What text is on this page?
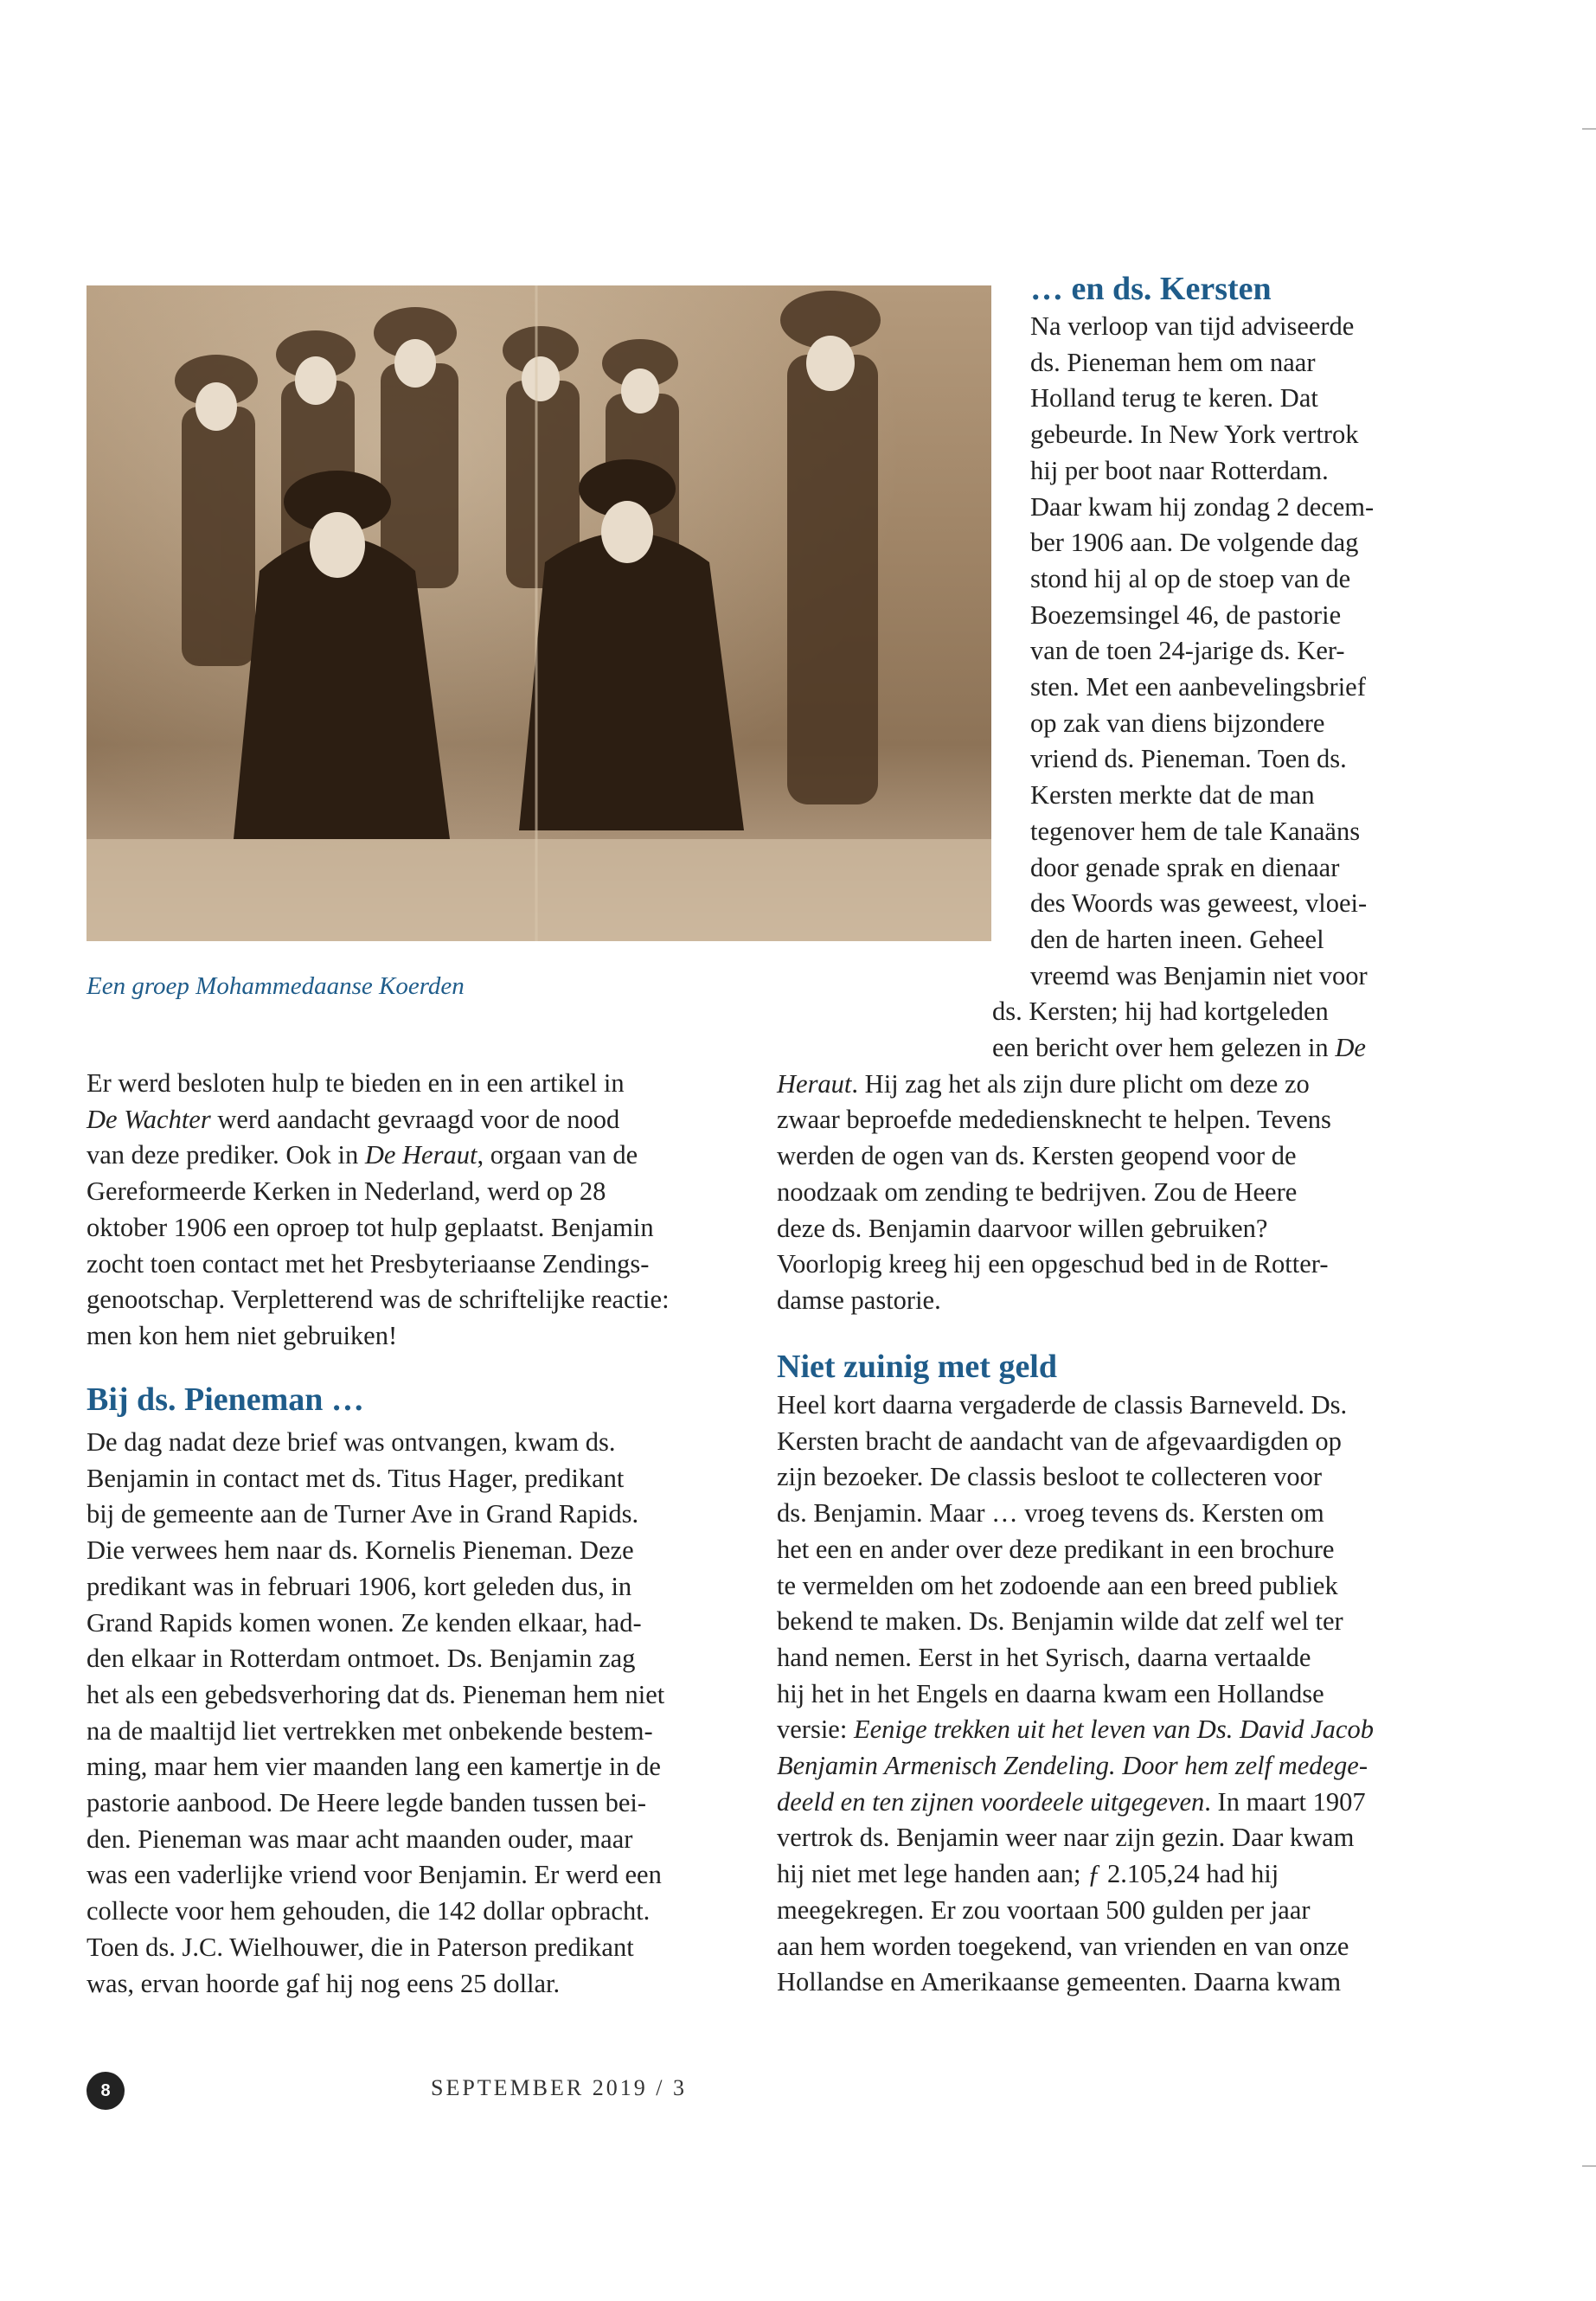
Een groep Mohammedaanse Koerden
Er werd besloten hulp te bieden en in een artikel in
De Wachter werd aandacht gevraagd voor de nood
van deze prediker. Ook in De Heraut, orgaan van de
Gereformeerde Kerken in Nederland, werd op 28
oktober 1906 een oproep tot hulp geplaatst. Benjamin
zocht toen contact met het Presbyteriaanse Zendings-
genootschap. Verpletterend was de schriftelijke reactie:
men kon hem niet gebruiken!
Bij ds. Pieneman …
De dag nadat deze brief was ontvangen, kwam ds.
Benjamin in contact met ds. Titus Hager, predikant
bij de gemeente aan de Turner Ave in Grand Rapids.
Die verwees hem naar ds. Kornelis Pieneman. Deze
predikant was in februari 1906, kort geleden dus, in
Grand Rapids komen wonen. Ze kenden elkaar, had-
den elkaar in Rotterdam ontmoet. Ds. Benjamin zag
het als een gebedsverhoring dat ds. Pieneman hem niet
na de maaltijd liet vertrekken met onbekende bestem-
ming, maar hem vier maanden lang een kamertje in de
pastorie aanbood. De Heere legde banden tussen bei-
den. Pieneman was maar acht maanden ouder, maar
was een vaderlijke vriend voor Benjamin. Er werd een
collecte voor hem gehouden, die 142 dollar opbracht.
Toen ds. J.C. Wielhouwer, die in Paterson predikant
was, ervan hoorde gaf hij nog eens 25 dollar.
… en ds. Kersten
Na verloop van tijd adviseerde
ds. Pieneman hem om naar
Holland terug te keren. Dat
gebeurde. In New York vertrok
hij per boot naar Rotterdam.
Daar kwam hij zondag 2 decem-
ber 1906 aan. De volgende dag
stond hij al op de stoep van de
Boezemsingel 46, de pastorie
van de toen 24-jarige ds. Ker-
sten. Met een aanbevelingsbrief
op zak van diens bijzondere
vriend ds. Pieneman. Toen ds.
Kersten merkte dat de man
tegenover hem de tale Kanaäns
door genade sprak en dienaar
des Woords was geweest, vloei-
den de harten ineen. Geheel
vreemd was Benjamin niet voor
ds. Kersten; hij had kortgeleden
een bericht over hem gelezen in De
Heraut. Hij zag het als zijn dure plicht om deze zo
zwaar beproefde medediensknecht te helpen. Tevens
werden de ogen van ds. Kersten geopend voor de
noodzaak om zending te bedrijven. Zou de Heere
deze ds. Benjamin daarvoor willen gebruiken?
Voorlopig kreeg hij een opgeschud bed in de Rotter-
damse pastorie.
Niet zuinig met geld
Heel kort daarna vergaderde de classis Barneveld. Ds.
Kersten bracht de aandacht van de afgevaardigden op
zijn bezoeker. De classis besloot te collecteren voor
ds. Benjamin. Maar … vroeg tevens ds. Kersten om
het een en ander over deze predikant in een brochure
te vermelden om het zodoende aan een breed publiek
bekend te maken. Ds. Benjamin wilde dat zelf wel ter
hand nemen. Eerst in het Syrisch, daarna vertaalde
hij het in het Engels en daarna kwam een Hollandse
versie: Eenige trekken uit het leven van Ds. David Jacob
Benjamin Armenisch Zendeling. Door hem zelf medege-
deeld en ten zijnen voordeele uitgegeven. In maart 1907
vertrok ds. Benjamin weer naar zijn gezin. Daar kwam
hij niet met lege handen aan; ƒ 2.105,24 had hij
meegekregen. Er zou voortaan 500 gulden per jaar
aan hem worden toegekend, van vrienden en van onze
Hollandse en Amerikaanse gemeenten. Daarna kwam
8	SEPTEMBER 2019 / 3
